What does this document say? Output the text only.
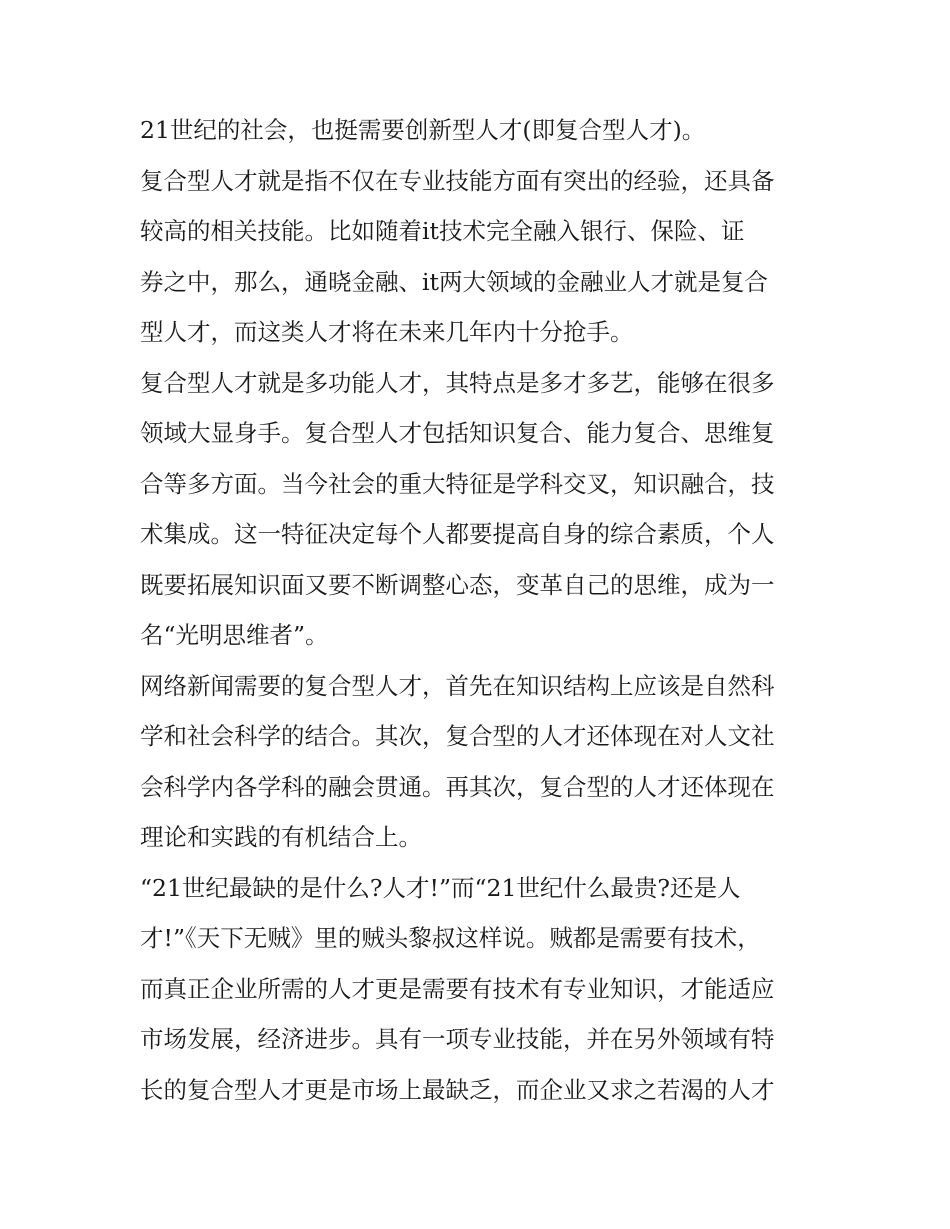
21世纪的社会，也挺需要创新型人才(即复合型人才)。
复合型人才就是指不仅在专业技能方面有突出的经验，还具备
较高的相关技能。比如随着it技术完全融入银行、保险、证
券之中，那么，通晓金融、it两大领域的金融业人才就是复合
型人才，而这类人才将在未来几年内十分抢手。
复合型人才就是多功能人才，其特点是多才多艺，能够在很多
领域大显身手。复合型人才包括知识复合、能力复合、思维复
合等多方面。当今社会的重大特征是学科交叉，知识融合，技
术集成。这一特征决定每个人都要提高自身的综合素质，个人
既要拓展知识面又要不断调整心态，变革自己的思维，成为一
名“光明思维者”。
网络新闻需要的复合型人才，首先在知识结构上应该是自然科
学和社会科学的结合。其次，复合型的人才还体现在对人文社
会科学内各学科的融会贯通。再其次，复合型的人才还体现在
理论和实践的有机结合上。
“21世纪最缺的是什么?人才!”而“21世纪什么最贵?还是人
才!”《天下无贼》里的贼头黎叔这样说。贼都是需要有技术，
而真正企业所需的人才更是需要有技术有专业知识，才能适应
市场发展，经济进步。具有一项专业技能，并在另外领域有特
长的复合型人才更是市场上最缺乏，而企业又求之若渴的人才
